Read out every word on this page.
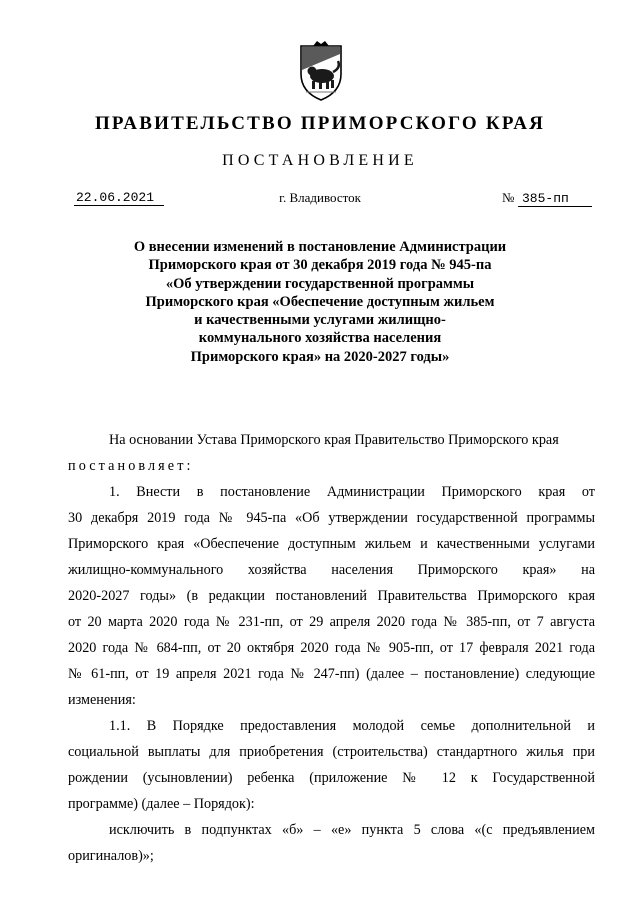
ПРАВИТЕЛЬСТВО ПРИМОРСКОГО КРАЯ
ПОСТАНОВЛЕНИЕ
22.06.2021	г. Владивосток	№ 385-пп
О внесении изменений в постановление Администрации
Приморского края от 30 декабря 2019 года № 945-па
«Об утверждении государственной программы
Приморского края «Обеспечение доступным жильем
и качественными услугами жилищно-
коммунального хозяйства населения
Приморского края» на 2020-2027 годы»
На основании Устава Приморского края Правительство Приморского края
постановляет:
1. Внести в постановление Администрации Приморского края от
30 декабря 2019 года № 945-па «Об утверждении государственной программы
Приморского края «Обеспечение доступным жильем и качественными услугами
жилищно-коммунального хозяйства населения Приморского края» на
2020-2027 годы» (в редакции постановлений Правительства Приморского края
от 20 марта 2020 года № 231-пп, от 29 апреля 2020 года № 385-пп, от 7 августа
2020 года № 684-пп, от 20 октября 2020 года № 905-пп, от 17 февраля 2021 года
№ 61-пп, от 19 апреля 2021 года № 247-пп) (далее – постановление) следующие
изменения:
1.1. В Порядке предоставления молодой семье дополнительной и
социальной выплаты для приобретения (строительства) стандартного жилья при
рождении (усыновлении) ребенка (приложение № 12 к Государственной
программе) (далее – Порядок):
исключить в подпунктах «б» – «е» пункта 5 слова «(с предъявлением
оригиналов)»;
